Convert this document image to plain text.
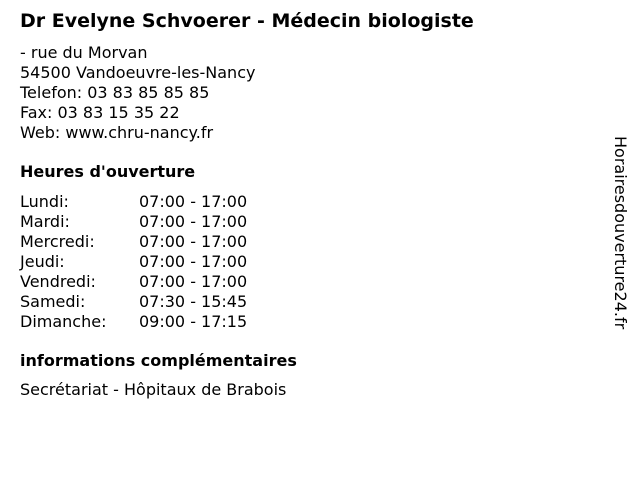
Dr Evelyne Schvoerer - Médecin biologiste
- rue du Morvan
54500 Vandoeuvre-les-Nancy
Telefon: 03 83 85 85 85
Fax: 03 83 15 35 22
Web: www.chru-nancy.fr
Heures d'ouverture
Lundi:	07:00 - 17:00
Mardi:	07:00 - 17:00
Mercredi:	07:00 - 17:00
Jeudi:	07:00 - 17:00
Vendredi:	07:00 - 17:00
Samedi:	07:30 - 15:45
Dimanche:	09:00 - 17:15
informations complémentaires
Secrétariat - Hôpitaux de Brabois
Horairesdouverture24.fr
